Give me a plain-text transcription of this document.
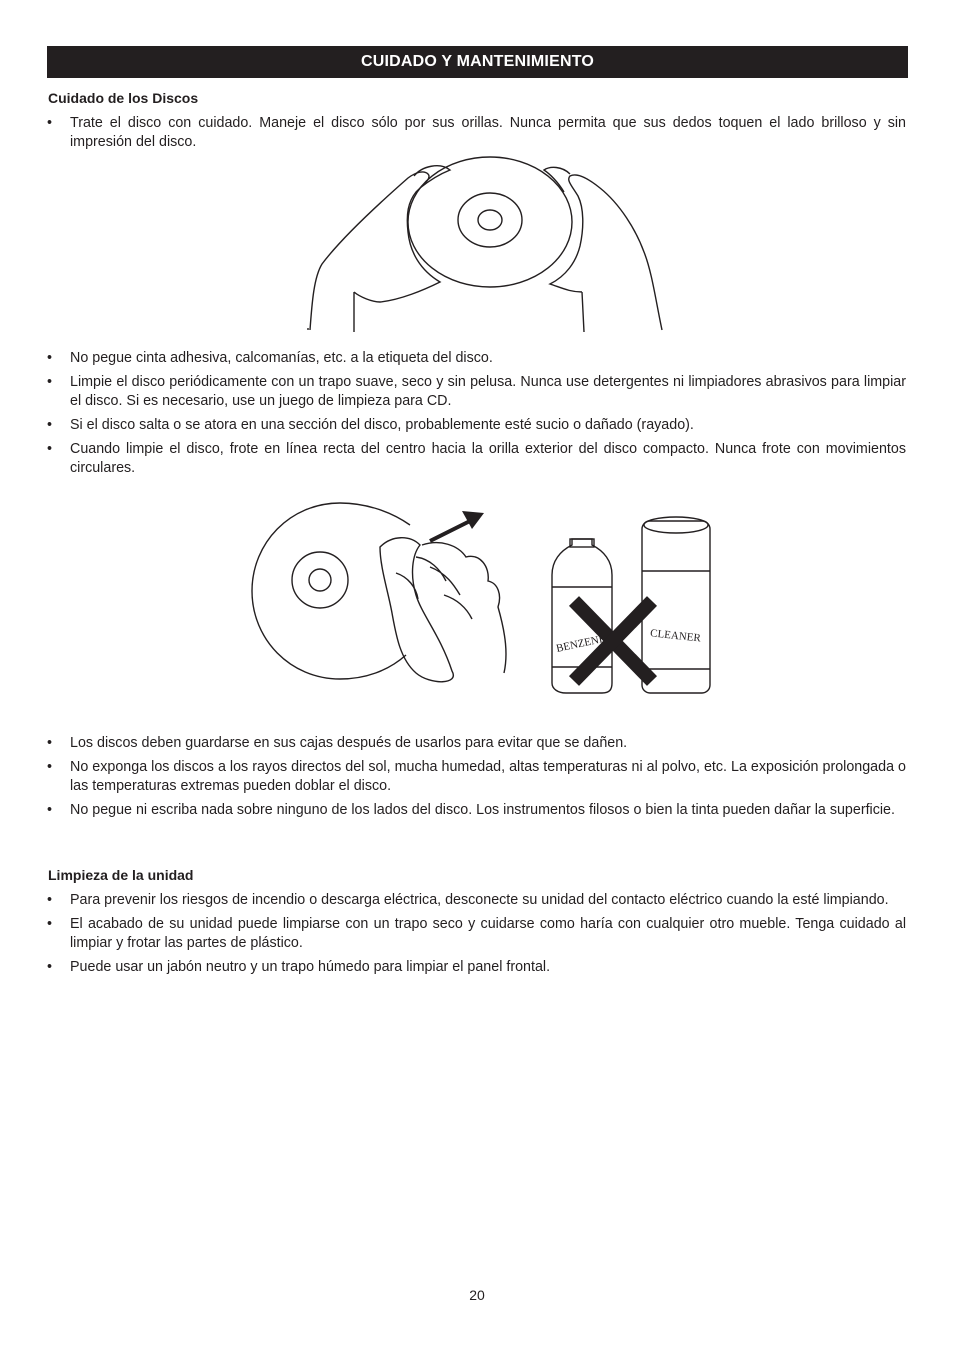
CUIDADO Y MANTENIMIENTO
Cuidado de los Discos
• Trate el disco con cuidado. Maneje el disco sólo por sus orillas. Nunca permita que sus dedos toquen el lado brilloso y sin impresión del disco.
• No pegue cinta adhesiva, calcomanías, etc. a la etiqueta del disco.
• Limpie el disco periódicamente con un trapo suave, seco y sin pelusa. Nunca use detergentes ni limpiadores abrasivos para limpiar el disco. Si es necesario, use un juego de limpieza para CD.
• Si el disco salta o se atora en una sección del disco, probablemente esté sucio o dañado (rayado).
• Cuando limpie el disco, frote en línea recta del centro hacia la orilla exterior del disco compacto. Nunca frote con movimientos circulares.
BENZENE	CLEANER
• Los discos deben guardarse en sus cajas después de usarlos para evitar que se dañen.
• No exponga los discos a los rayos directos del sol, mucha humedad, altas temperaturas ni al polvo, etc. La exposición prolongada o las temperaturas extremas pueden doblar el disco.
• No pegue ni escriba nada sobre ninguno de los lados del disco. Los instrumentos filosos o bien la tinta pueden dañar la superficie.
Limpieza de la unidad
• Para prevenir los riesgos de incendio o descarga eléctrica, desconecte su unidad del contacto eléctrico cuando la esté limpiando.
• El acabado de su unidad puede limpiarse con un trapo seco y cuidarse como haría con cualquier otro mueble. Tenga cuidado al limpiar y frotar las partes de plástico.
• Puede usar un jabón neutro y un trapo húmedo para limpiar el panel frontal.
20
